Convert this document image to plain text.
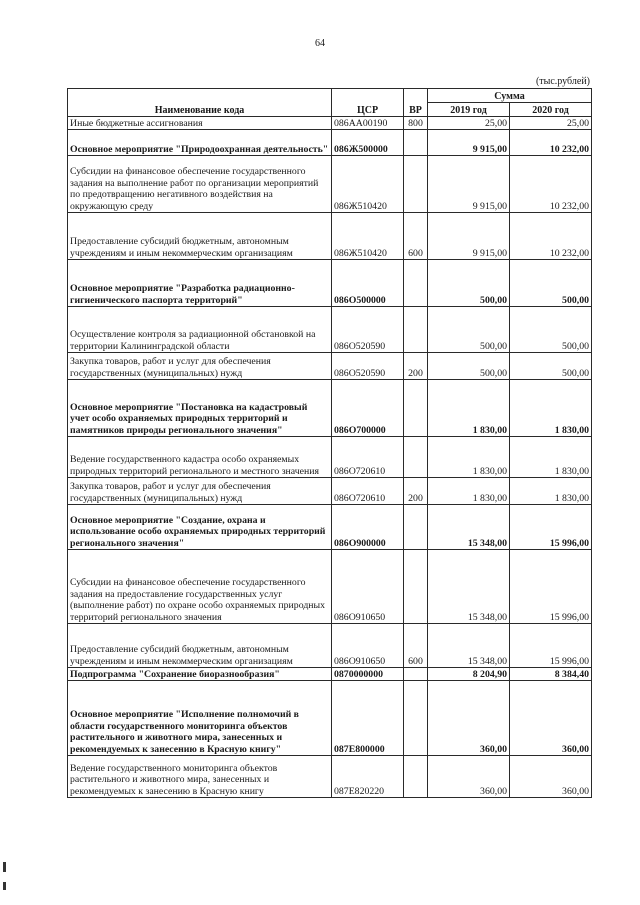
64
(тыс.рублей)
Наименование кода	ЦСР	ВР	Сумма	
			2019 год	2020 год
Иные бюджетные ассигнования	086АА00190	800	25,00	25,00
Основное мероприятие "Природоохранная деятельность"	086Ж500000		9 915,00	10 232,00
Субсидии на финансовое обеспечение государственного задания на выполнение работ по организации мероприятий по предотвращению негативного воздействия на окружающую среду	086Ж510420		9 915,00	10 232,00
Предоставление субсидий бюджетным, автономным учреждениям и иным некоммерческим организациям	086Ж510420	600	9 915,00	10 232,00
Основное мероприятие "Разработка радиационно-гигиенического паспорта территорий"	086О500000		500,00	500,00
Осуществление контроля за радиационной обстановкой на территории Калининградской области	086О520590		500,00	500,00
Закупка товаров, работ и услуг для обеспечения государственных (муниципальных) нужд	086О520590	200	500,00	500,00
Основное мероприятие "Постановка на кадастровый учет особо охраняемых природных территорий и памятников природы регионального значения"	086О700000		1 830,00	1 830,00
Ведение государственного кадастра особо охраняемых природных территорий регионального и местного значения	086О720610		1 830,00	1 830,00
Закупка товаров, работ и услуг для обеспечения государственных (муниципальных) нужд	086О720610	200	1 830,00	1 830,00
Основное мероприятие "Создание, охрана и использование особо охраняемых природных территорий регионального значения"	086О900000		15 348,00	15 996,00
Субсидии на финансовое обеспечение государственного задания на предоставление государственных услуг (выполнение работ) по охране особо охраняемых природных территорий регионального значения	086О910650		15 348,00	15 996,00
Предоставление субсидий бюджетным, автономным учреждениям и иным некоммерческим организациям	086О910650	600	15 348,00	15 996,00
Подпрограмма "Сохранение биоразнообразия"	0870000000		8 204,90	8 384,40
Основное мероприятие "Исполнение полномочий в области государственного мониторинга объектов растительного и животного мира, занесенных и рекомендуемых к занесению в Красную книгу"	087Е800000		360,00	360,00
Ведение государственного мониторинга объектов растительного и животного мира, занесенных и рекомендуемых к занесению в Красную книгу	087Е820220		360,00	360,00
